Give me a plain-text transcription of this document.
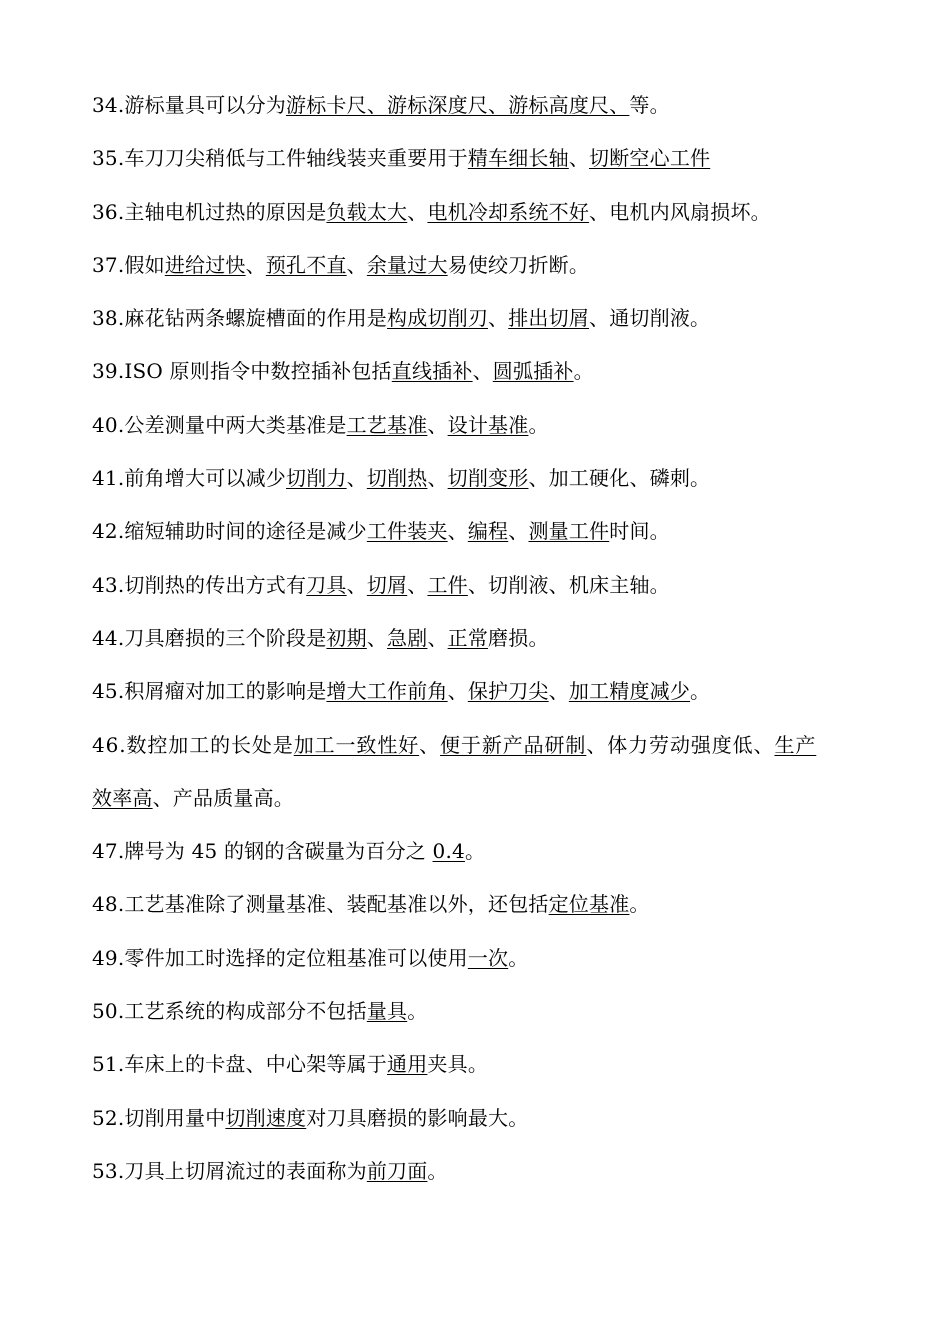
34.游标量具可以分为游标卡尺、游标深度尺、游标高度尺、等。
35.车刀刀尖稍低与工件轴线装夹重要用于精车细长轴、切断空心工件
36.主轴电机过热的原因是负载太大、电机冷却系统不好、电机内风扇损坏。
37.假如进给过快、预孔不直、余量过大易使绞刀折断。
38.麻花钻两条螺旋槽面的作用是构成切削刃、排出切屑、通切削液。
39.ISO 原则指令中数控插补包括直线插补、圆弧插补。
40.公差测量中两大类基准是工艺基准、设计基准。
41.前角增大可以减少切削力、切削热、切削变形、加工硬化、磷刺。
42.缩短辅助时间的途径是减少工件装夹、编程、测量工件时间。
43.切削热的传出方式有刀具、切屑、工件、切削液、机床主轴。
44.刀具磨损的三个阶段是初期、急剧、正常磨损。
45.积屑瘤对加工的影响是增大工作前角、保护刀尖、加工精度减少。
46.数控加工的长处是加工一致性好、便于新产品研制、体力劳动强度低、生产
效率高、产品质量高。
47.牌号为 45 的钢的含碳量为百分之 0.4。
48.工艺基准除了测量基准、装配基准以外，还包括定位基准。
49.零件加工时选择的定位粗基准可以使用一次。
50.工艺系统的构成部分不包括量具。
51.车床上的卡盘、中心架等属于通用夹具。
52.切削用量中切削速度对刀具磨损的影响最大。
53.刀具上切屑流过的表面称为前刀面。
